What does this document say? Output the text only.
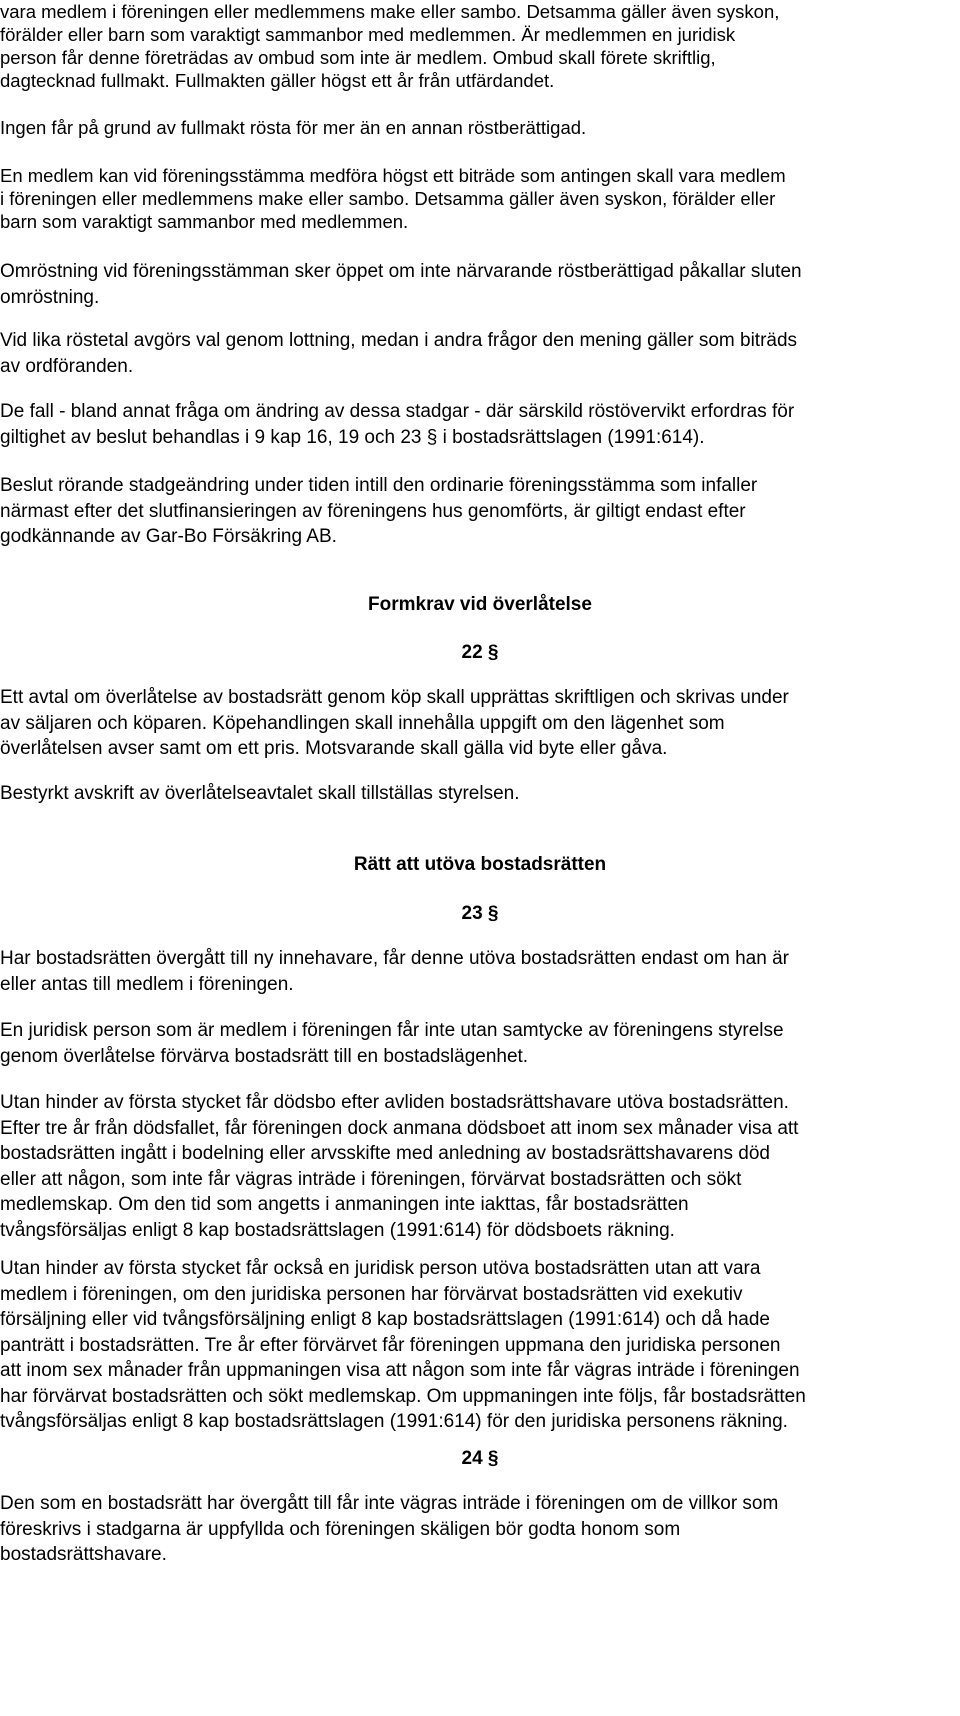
vara medlem i föreningen eller medlemmens make eller sambo. Detsamma gäller även syskon,
förälder eller barn som varaktigt sammanbor med medlemmen. Är medlemmen en juridisk
person får denne företrädas av ombud som inte är medlem. Ombud skall förete skriftlig,
dagtecknad fullmakt. Fullmakten gäller högst ett år från utfärdandet.

Ingen får på grund av fullmakt rösta för mer än en annan röstberättigad.

En medlem kan vid föreningsstämma medföra högst ett biträde som antingen skall vara medlem
i föreningen eller medlemmens make eller sambo. Detsamma gäller även syskon, förälder eller
barn som varaktigt sammanbor med medlemmen.

Omröstning vid föreningsstämman sker öppet om inte närvarande röstberättigad påkallar sluten
omröstning.

Vid lika röstetal avgörs val genom lottning, medan i andra frågor den mening gäller som biträds
av ordföranden.

De fall - bland annat fråga om ändring av dessa stadgar - där särskild röstövervikt erfordras för
giltighet av beslut behandlas i 9 kap 16, 19 och 23 § i bostadsrättslagen (1991:614).

Beslut rörande stadgeändring under tiden intill den ordinarie föreningsstämma som infaller
närmast efter det slutfinansieringen av föreningens hus genomförts, är giltigt endast efter
godkännande av Gar-Bo Försäkring AB.

Formkrav vid överlåtelse
22 §

Ett avtal om överlåtelse av bostadsrätt genom köp skall upprättas skriftligen och skrivas under
av säljaren och köparen. Köpehandlingen skall innehålla uppgift om den lägenhet som
överlåtelsen avser samt om ett pris. Motsvarande skall gälla vid byte eller gåva.

Bestyrkt avskrift av överlåtelseavtalet skall tillställas styrelsen.

Rätt att utöva bostadsrätten
23 §

Har bostadsrätten övergått till ny innehavare, får denne utöva bostadsrätten endast om han är
eller antas till medlem i föreningen.

En juridisk person som är medlem i föreningen får inte utan samtycke av föreningens styrelse
genom överlåtelse förvärva bostadsrätt till en bostadslägenhet.

Utan hinder av första stycket får dödsbo efter avliden bostadsrättshavare utöva bostadsrätten.
Efter tre år från dödsfallet, får föreningen dock anmana dödsboet att inom sex månader visa att
bostadsrätten ingått i bodelning eller arvsskifte med anledning av bostadsrättshavarens död
eller att någon, som inte får vägras inträde i föreningen, förvärvat bostadsrätten och sökt
medlemskap. Om den tid som angetts i anmaningen inte iakttas, får bostadsrätten
tvångsförsäljas enligt 8 kap bostadsrättslagen (1991:614) för dödsboets räkning.

Utan hinder av första stycket får också en juridisk person utöva bostadsrätten utan att vara
medlem i föreningen, om den juridiska personen har förvärvat bostadsrätten vid exekutiv
försäljning eller vid tvångsförsäljning enligt 8 kap bostadsrättslagen (1991:614) och då hade
panträtt i bostadsrätten. Tre år efter förvärvet får föreningen uppmana den juridiska personen
att inom sex månader från uppmaningen visa att någon som inte får vägras inträde i föreningen
har förvärvat bostadsrätten och sökt medlemskap. Om uppmaningen inte följs, får bostadsrätten
tvångsförsäljas enligt 8 kap bostadsrättslagen (1991:614) för den juridiska personens räkning.

24 §

Den som en bostadsrätt har övergått till får inte vägras inträde i föreningen om de villkor som
föreskrivs i stadgarna är uppfyllda och föreningen skäligen bör godta honom som
bostadsrättshavare.
